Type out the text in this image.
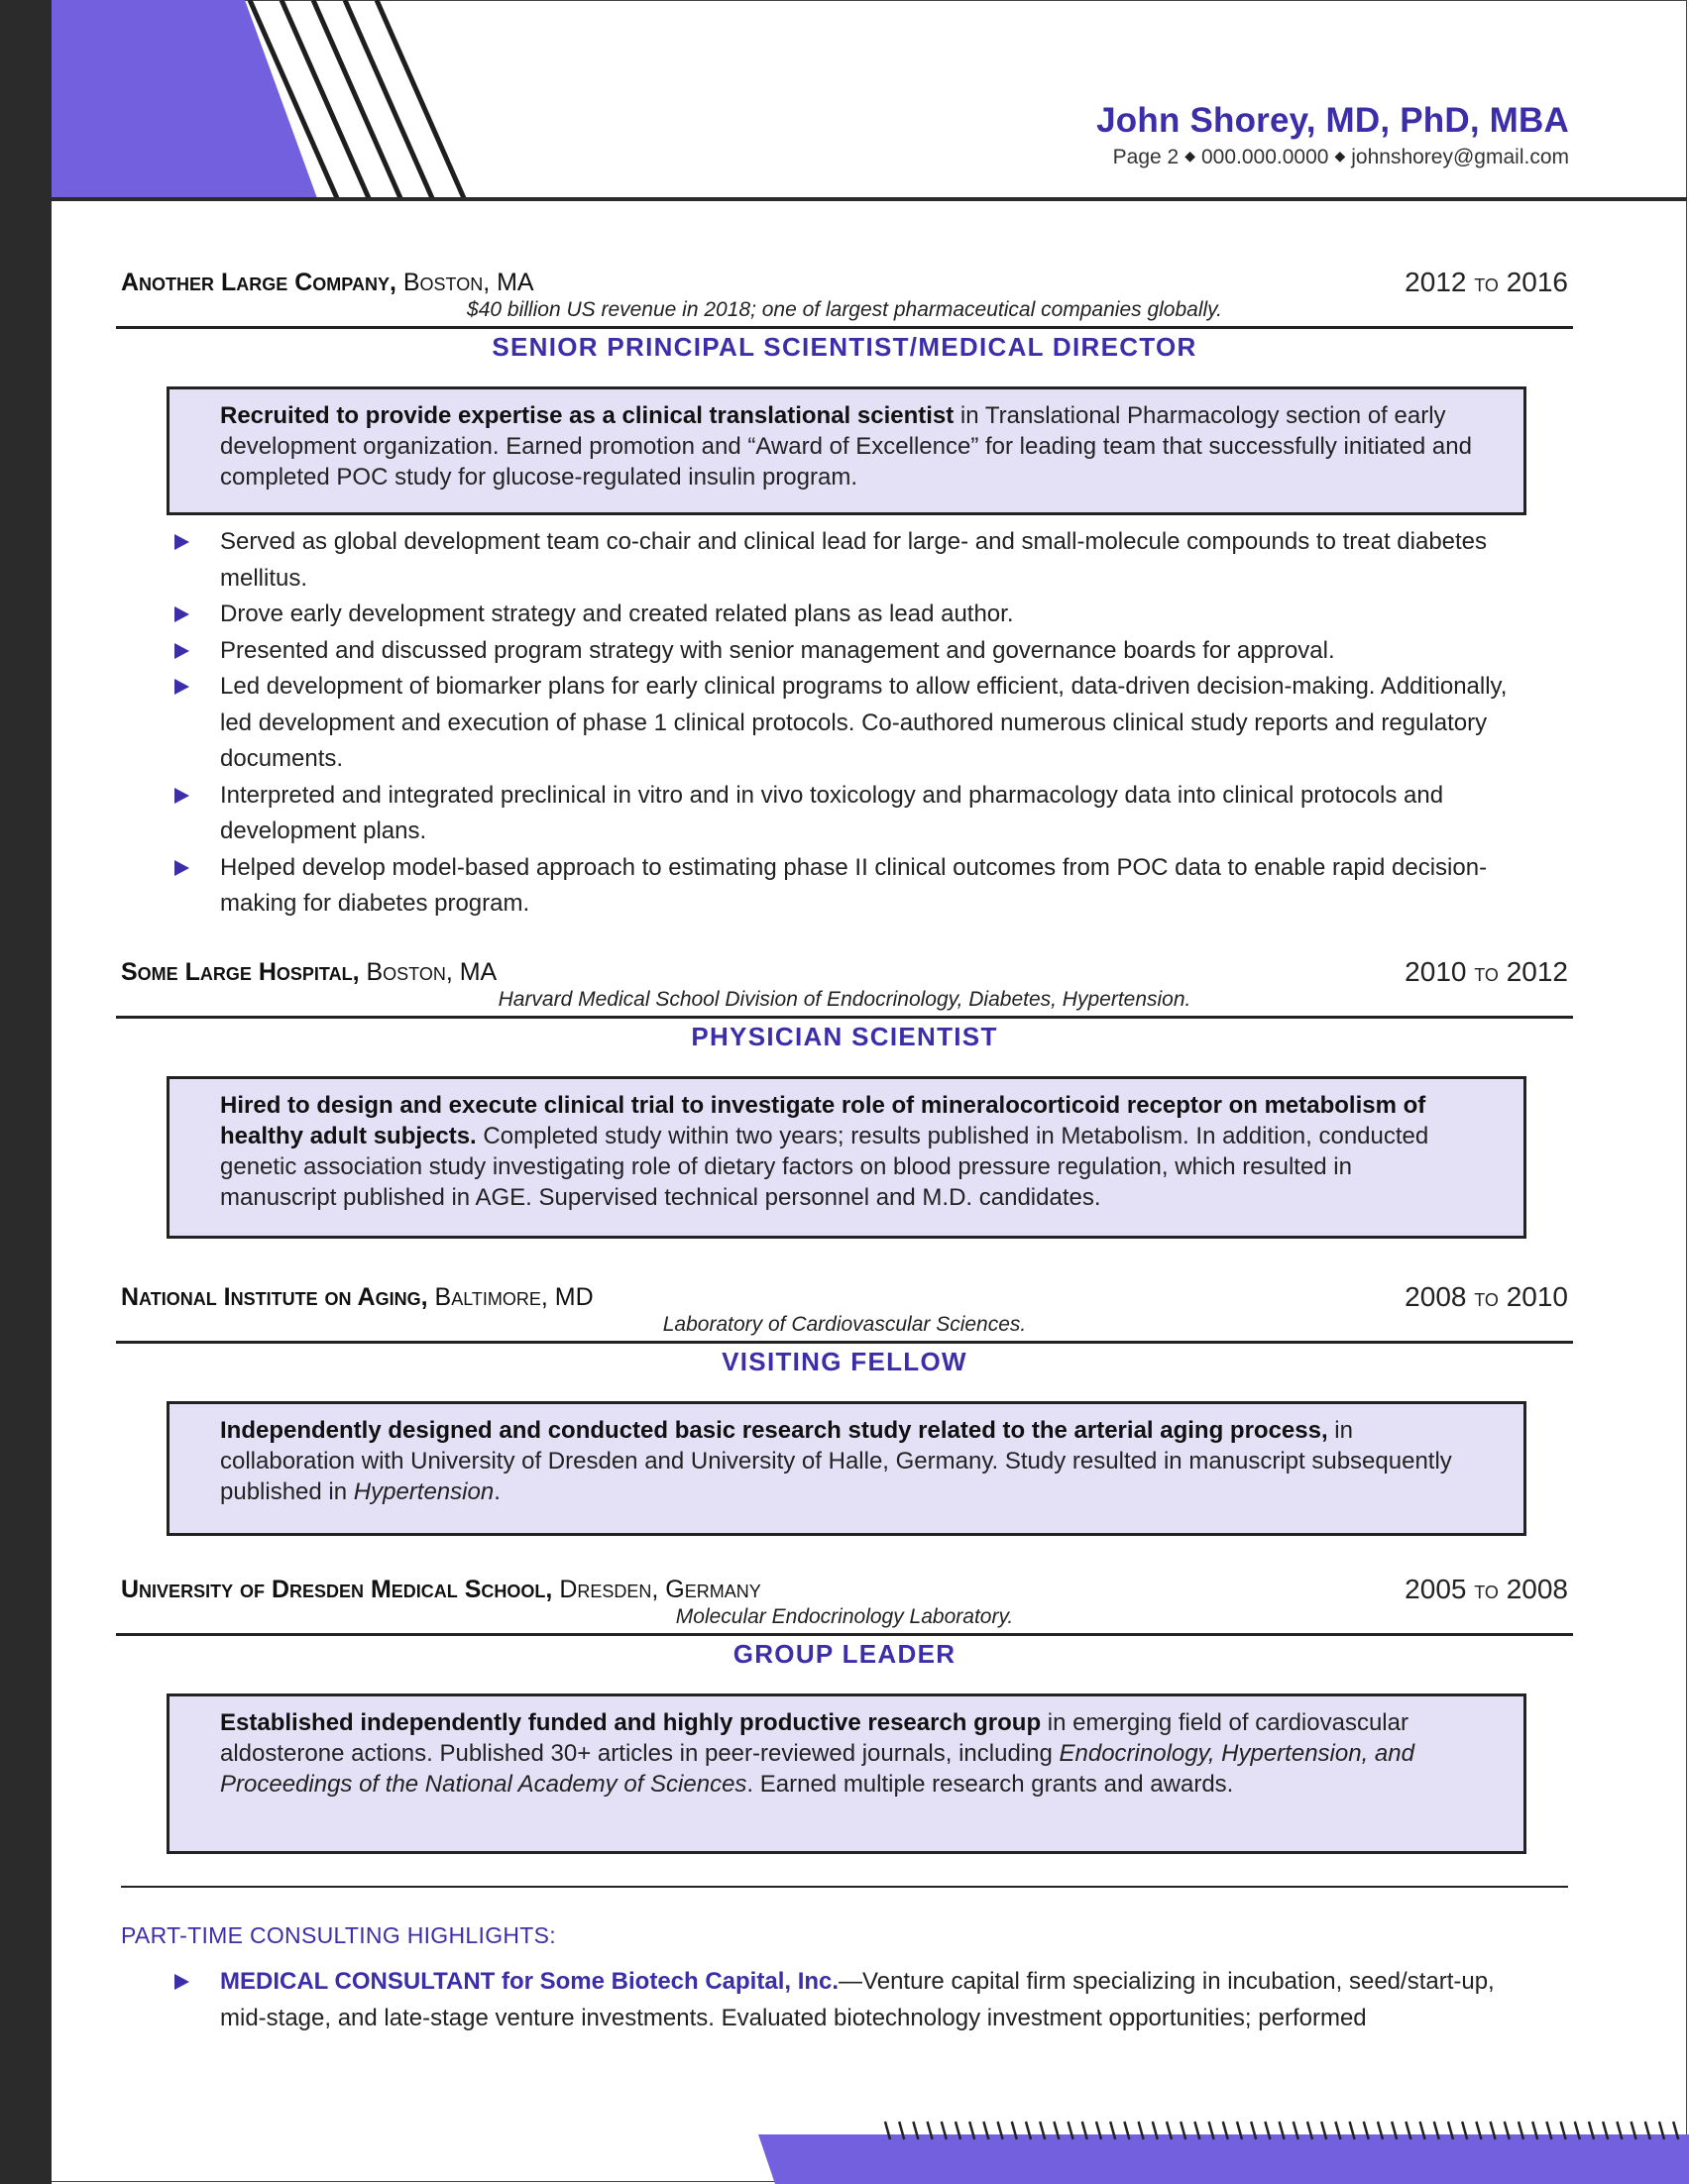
John Shorey, MD, PhD, MBA
Page 2 ◆ 000.000.0000 ◆ johnshorey@gmail.com
Another Large Company, Boston, MA	2012 to 2016
$40 billion US revenue in 2018; one of largest pharmaceutical companies globally.
SENIOR PRINCIPAL SCIENTIST/MEDICAL DIRECTOR
Recruited to provide expertise as a clinical translational scientist in Translational Pharmacology section of early development organization. Earned promotion and “Award of Excellence” for leading team that successfully initiated and completed POC study for glucose-regulated insulin program.
Served as global development team co-chair and clinical lead for large- and small-molecule compounds to treat diabetes mellitus.
Drove early development strategy and created related plans as lead author.
Presented and discussed program strategy with senior management and governance boards for approval.
Led development of biomarker plans for early clinical programs to allow efficient, data-driven decision-making. Additionally, led development and execution of phase 1 clinical protocols. Co-authored numerous clinical study reports and regulatory documents.
Interpreted and integrated preclinical in vitro and in vivo toxicology and pharmacology data into clinical protocols and development plans.
Helped develop model-based approach to estimating phase II clinical outcomes from POC data to enable rapid decision-making for diabetes program.
Some Large Hospital, Boston, MA	2010 to 2012
Harvard Medical School Division of Endocrinology, Diabetes, Hypertension.
PHYSICIAN SCIENTIST
Hired to design and execute clinical trial to investigate role of mineralocorticoid receptor on metabolism of healthy adult subjects. Completed study within two years; results published in Metabolism. In addition, conducted genetic association study investigating role of dietary factors on blood pressure regulation, which resulted in manuscript published in AGE. Supervised technical personnel and M.D. candidates.
National Institute on Aging, Baltimore, MD	2008 to 2010
Laboratory of Cardiovascular Sciences.
VISITING FELLOW
Independently designed and conducted basic research study related to the arterial aging process, in collaboration with University of Dresden and University of Halle, Germany. Study resulted in manuscript subsequently published in Hypertension.
University of Dresden Medical School, Dresden, Germany	2005 to 2008
Molecular Endocrinology Laboratory.
GROUP LEADER
Established independently funded and highly productive research group in emerging field of cardiovascular aldosterone actions. Published 30+ articles in peer-reviewed journals, including Endocrinology, Hypertension, and Proceedings of the National Academy of Sciences. Earned multiple research grants and awards.
PART-TIME CONSULTING HIGHLIGHTS:
MEDICAL CONSULTANT for Some Biotech Capital, Inc.—Venture capital firm specializing in incubation, seed/start-up, mid-stage, and late-stage venture investments. Evaluated biotechnology investment opportunities; performed
